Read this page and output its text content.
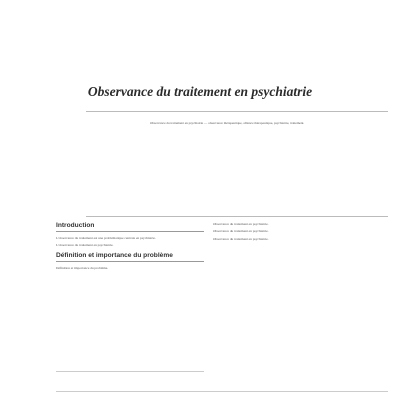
Observance du traitement en psychiatrie
Observance du traitement en psychiatrie — observance thérapeutique, alliance thérapeutique, psychiatrie, traitement.
Introduction

L'observance du traitement est une problématique centrale en psychiatrie.

L'observance du traitement en psychiatrie.

Définition et importance du problème

Définition et importance du problème.

Observance du traitement en psychiatrie.

Observance du traitement en psychiatrie.

Observance du traitement en psychiatrie.
